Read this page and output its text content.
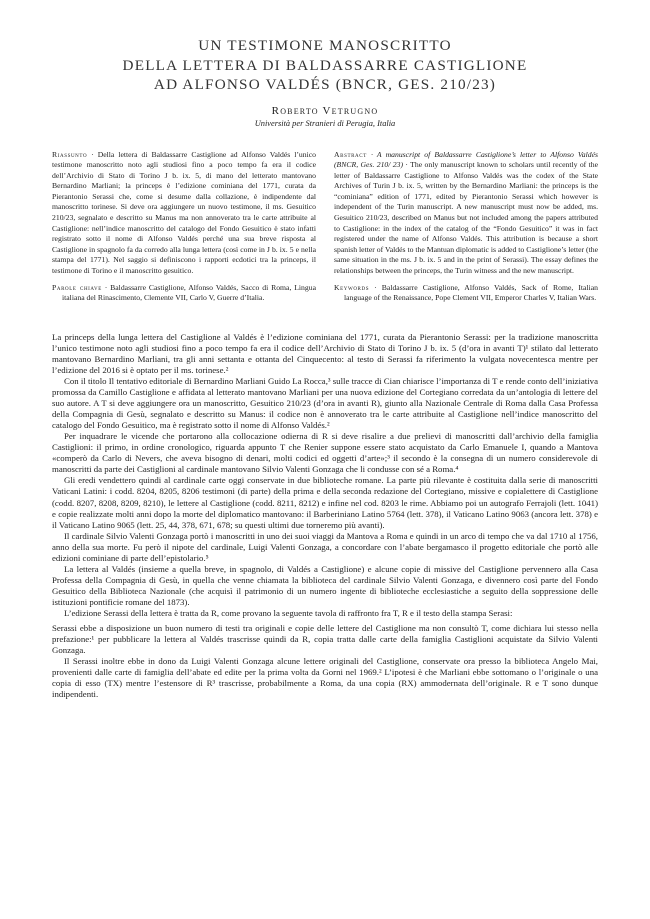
UN TESTIMONE MANOSCRITTO
DELLA LETTERA DI BALDASSARRE CASTIGLIONE
AD ALFONSO VALDÉS (BNCR, GES. 210/23)
Roberto Vetrugno
Università per Stranieri di Perugia, Italia

Riassunto · Della lettera di Baldassarre Castiglione ad Alfonso Valdés l’unico testimone manoscritto noto agli studiosi fino a poco tempo fa era il codice dell’Archivio di Stato di Torino J b. ix. 5, di mano del letterato mantovano Bernardino Marliani; la princeps è l’edizione cominiana del 1771, curata da Pierantonio Serassi che, come si desume dalla collazione, è indipendente dal manoscritto torinese. Si deve ora aggiungere un nuovo testimone, il ms. Gesuitico 210/23, segnalato e descritto su Manus ma non annoverato tra le carte attribuite al Castiglione: nell’indice manoscritto del catalogo del Fondo Gesuitico è stato infatti registrato sotto il nome di Alfonso Valdés perché una sua breve risposta al Castiglione in spagnolo fa da corredo alla lunga lettera (così come in J b. ix. 5 e nella stampa del 1771). Nel saggio si definiscono i rapporti ecdotici tra la princeps, il testimone di Torino e il manoscritto gesuitico.

Parole chiave · Baldassarre Castiglione, Alfonso Valdés, Sacco di Roma, Lingua italiana del Rinascimento, Clemente VII, Carlo V, Guerre d’Italia.

Abstract · A manuscript of Baldassarre Castiglione’s letter to Alfonso Valdés (BNCR, Ges. 210/ 23) · The only manuscript known to scholars until recently of the letter of Baldassarre Castiglione to Alfonso Valdés was the codex of the State Archives of Turin J b. ix. 5, written by the Bernardino Marliani: the princeps is the “cominiana” edition of 1771, edited by Pierantonio Serassi which however is independent of the Turin manuscript. A new manuscript must now be added, ms. Gesuitico 210/23, described on Manus but not included among the papers attributed to Castiglione: in the index of the catalog of the “Fondo Gesuitico” it was in fact registered under the name of Alfonso Valdés. This attribution is because a short spanish letter of Valdés to the Mantuan diplomatic is added to Castiglione’s letter (the same situation in the ms. J b. ix. 5 and in the print of Serassi). The essay defines the relationships between the princeps, the Turin witness and the new manuscript.

Keywords · Baldassarre Castiglione, Alfonso Valdés, Sack of Rome, Italian language of the Renaissance, Pope Clement VII, Emperor Charles V, Italian Wars.

La princeps della lunga lettera del Castiglione al Valdés è l’edizione cominiana del 1771, curata da Pierantonio Serassi: per la tradizione manoscritta l’unico testimone noto agli studiosi fino a poco tempo fa era il codice dell’Archivio di Stato di Torino J b. ix. 5 (d’ora in avanti T)¹ stilato dal letterato mantovano Bernardino Marliani, tra gli anni settanta e ottanta del Cinquecento: al testo di Serassi fa riferimento la vulgata novecentesca mentre per l’edizione del 2016 si è optato per il ms. torinese.²

Con il titolo Il tentativo editoriale di Bernardino Marliani Guido La Rocca,³ sulle tracce di Cian chiarisce l’importanza di T e rende conto dell’iniziativa promossa da Camillo Castiglione e affidata al letterato mantovano Marliani per una nuova edizione del Cortegiano corredata da un’antologia di lettere del suo autore. A T si deve aggiungere ora un manoscritto, Gesuitico 210/23 (d’ora in avanti R), giunto alla Nazionale Centrale di Roma dalla Casa Professa della Compagnia di Gesù, segnalato e descritto su Manus: il codice non è annoverato tra le carte attribuite al Castiglione nell’indice manoscritto del catalogo del Fondo Gesuitico, ma è registrato sotto il nome di Alfonso Valdés.²

Per inquadrare le vicende che portarono alla collocazione odierna di R si deve risalire a due prelievi di manoscritti dall’archivio della famiglia Castiglioni: il primo, in ordine cronologico, riguarda appunto T che Renier suppone essere stato acquistato da Carlo Emanuele I, quando a Mantova «comperò da Carlo di Nevers, che aveva bisogno di denari, molti codici ed oggetti d’arte»;³ il secondo è la consegna di un numero considerevole di manoscritti da parte dei Castiglioni al cardinale mantovano Silvio Valenti Gonzaga che li condusse con sé a Roma.⁴

Gli eredi vendettero quindi al cardinale carte oggi conservate in due biblioteche romane. La parte più rilevante è costituita dalla serie di manoscritti Vaticani Latini: i codd. 8204, 8205, 8206 testimoni (di parte) della prima e della seconda redazione del Cortegiano, missive e copialettere di Castiglione (codd. 8207, 8208, 8209, 8210), le lettere al Castiglione (codd. 8211, 8212) e infine nel cod. 8203 le rime. Abbiamo poi un autografo Ferrajoli (lett. 1041) e copie realizzate molti anni dopo la morte del diplomatico mantovano: il Barberiniano Latino 5764 (lett. 378), il Vaticano Latino 9063 (ancora lett. 378) e il Vaticano Latino 9065 (lett. 25, 44, 378, 671, 678; su questi ultimi due torneremo più avanti).

Il cardinale Silvio Valenti Gonzaga portò i manoscritti in uno dei suoi viaggi da Mantova a Roma e quindi in un arco di tempo che va dal 1710 al 1756, anno della sua morte. Fu però il nipote del cardinale, Luigi Valenti Gonzaga, a concordare con l’abate bergamasco il progetto editoriale che portò alle edizioni cominiane di parte dell’epistolario.⁵

La lettera al Valdés (insieme a quella breve, in spagnolo, di Valdés a Castiglione) e alcune copie di missive del Castiglione pervennero alla Casa Professa della Compagnia di Gesù, in quella che venne chiamata la biblioteca del cardinale Silvio Valenti Gonzaga, e divennero così parte del Fondo Gesuitico della Biblioteca Nazionale (che acquisì il patrimonio di un numero ingente di biblioteche ecclesiastiche a seguito della soppressione delle istituzioni pontificie romane del 1873).

L’edizione Serassi della lettera è tratta da R, come provano la seguente tavola di raffronto fra T, R e il testo della stampa Serasi:

Serassi ebbe a disposizione un buon numero di testi tra originali e copie delle lettere del Castiglione ma non consultò T, come dichiara lui stesso nella prefazione:¹ per pubblicare la lettera al Valdés trascrisse quindi da R, copia tratta dalle carte della famiglia Castiglioni acquistate da Silvio Valenti Gonzaga.

Il Serassi inoltre ebbe in dono da Luigi Valenti Gonzaga alcune lettere originali del Castiglione, conservate ora presso la biblioteca Angelo Mai, provenienti dalle carte di famiglia dell’abate ed edite per la prima volta da Gorni nel 1969.² L’ipotesi è che Marliani ebbe sottomano o l’originale o una copia di esso (TX) mentre l’estensore di R³ trascrisse, probabilmente a Roma, da una copia (RX) ammodernata dell’originale. R e T sono dunque indipendenti.
